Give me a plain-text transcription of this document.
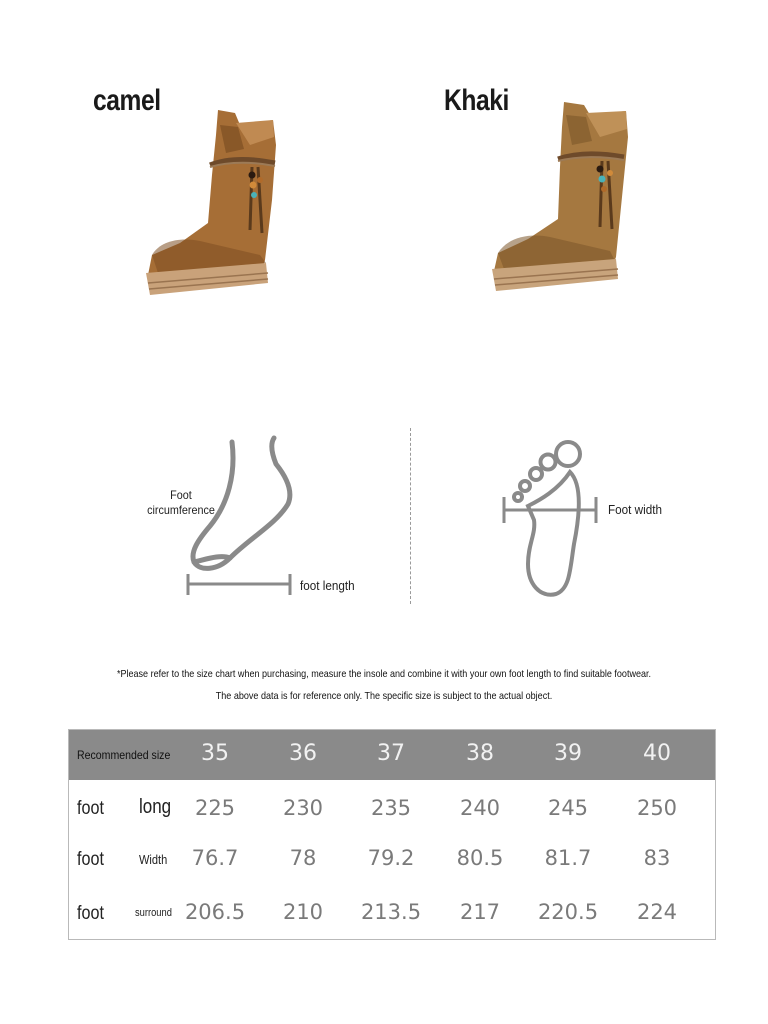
camel	Khaki
Foot
circumference
foot length
Foot width
*Please refer to the size chart when purchasing, measure the insole and combine it with your own foot length to find suitable footwear.
The above data is for reference only. The specific size is subject to the actual object.
Recommended size	35	36	37	38	39	40
foot long	225	230	235	240	245	250
foot	Width	76.7	78	79.2	80.5	81.7	83
foot	surround 206.5	210	213.5	217	220.5	224
